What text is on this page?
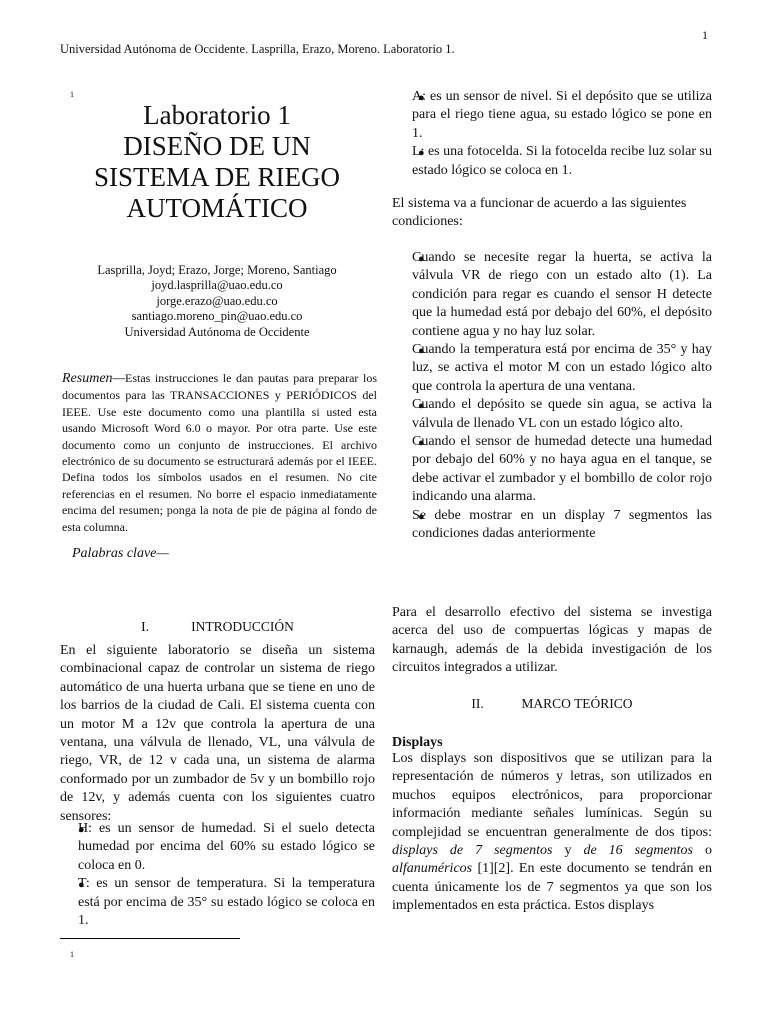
1
Universidad Autónoma de Occidente. Lasprilla, Erazo, Moreno. Laboratorio 1.
1
Laboratorio 1
DISEÑO DE UN
SISTEMA DE RIEGO
AUTOMÁTICO
Lasprilla, Joyd; Erazo, Jorge; Moreno, Santiago
joyd.lasprilla@uao.edu.co
jorge.erazo@uao.edu.co
santiago.moreno_pin@uao.edu.co
Universidad Autónoma de Occidente
Resumen—Estas instrucciones le dan pautas para preparar los documentos para las TRANSACCIONES y PERIÓDICOS del IEEE. Use este documento como una plantilla si usted esta usando Microsoft Word 6.0 o mayor. Por otra parte. Use este documento como un conjunto de instrucciones. El archivo electrónico de su documento se estructurará además por el IEEE. Defina todos los símbolos usados en el resumen. No cite referencias en el resumen. No borre el espacio inmediatamente encima del resumen; ponga la nota de pie de página al fondo de esta columna.
Palabras clave—
I.	INTRODUCCIÓN
En el siguiente laboratorio se diseña un sistema combinacional capaz de controlar un sistema de riego automático de una huerta urbana que se tiene en uno de los barrios de la ciudad de Cali. El sistema cuenta con un motor M a 12v que controla la apertura de una ventana, una válvula de llenado, VL, una válvula de riego, VR, de 12 v cada una, un sistema de alarma conformado por un zumbador de 5v y un bombillo rojo de 12v, y además cuenta con los siguientes cuatro sensores:
● H: es un sensor de humedad. Si el suelo detecta humedad por encima del 60% su estado lógico se coloca en 0.
● T: es un sensor de temperatura. Si la temperatura está por encima de 35° su estado lógico se coloca en 1.
1
● A: es un sensor de nivel. Si el depósito que se utiliza para el riego tiene agua, su estado lógico se pone en 1.
● L: es una fotocelda. Si la fotocelda recibe luz solar su estado lógico se coloca en 1.
El sistema va a funcionar de acuerdo a las siguientes condiciones:
● Cuando se necesite regar la huerta, se activa la válvula VR de riego con un estado alto (1). La condición para regar es cuando el sensor H detecte que la humedad está por debajo del 60%, el depósito contiene agua y no hay luz solar.
● Cuando la temperatura está por encima de 35° y hay luz, se activa el motor M con un estado lógico alto que controla la apertura de una ventana.
● Cuando el depósito se quede sin agua, se activa la válvula de llenado VL con un estado lógico alto.
● Cuando el sensor de humedad detecte una humedad por debajo del 60% y no haya agua en el tanque, se debe activar el zumbador y el bombillo de color rojo indicando una alarma.
● Se debe mostrar en un display 7 segmentos las condiciones dadas anteriormente
Para el desarrollo efectivo del sistema se investiga acerca del uso de compuertas lógicas y mapas de karnaugh, además de la debida investigación de los circuitos integrados a utilizar.
II.	MARCO TEÓRICO
Displays
Los displays son dispositivos que se utilizan para la representación de números y letras, son utilizados en muchos equipos electrónicos, para proporcionar información mediante señales lumínicas. Según su complejidad se encuentran generalmente de dos tipos: displays de 7 segmentos y de 16 segmentos o alfanuméricos [1][2]. En este documento se tendrán en cuenta únicamente los de 7 segmentos ya que son los implementados en esta práctica. Estos displays
